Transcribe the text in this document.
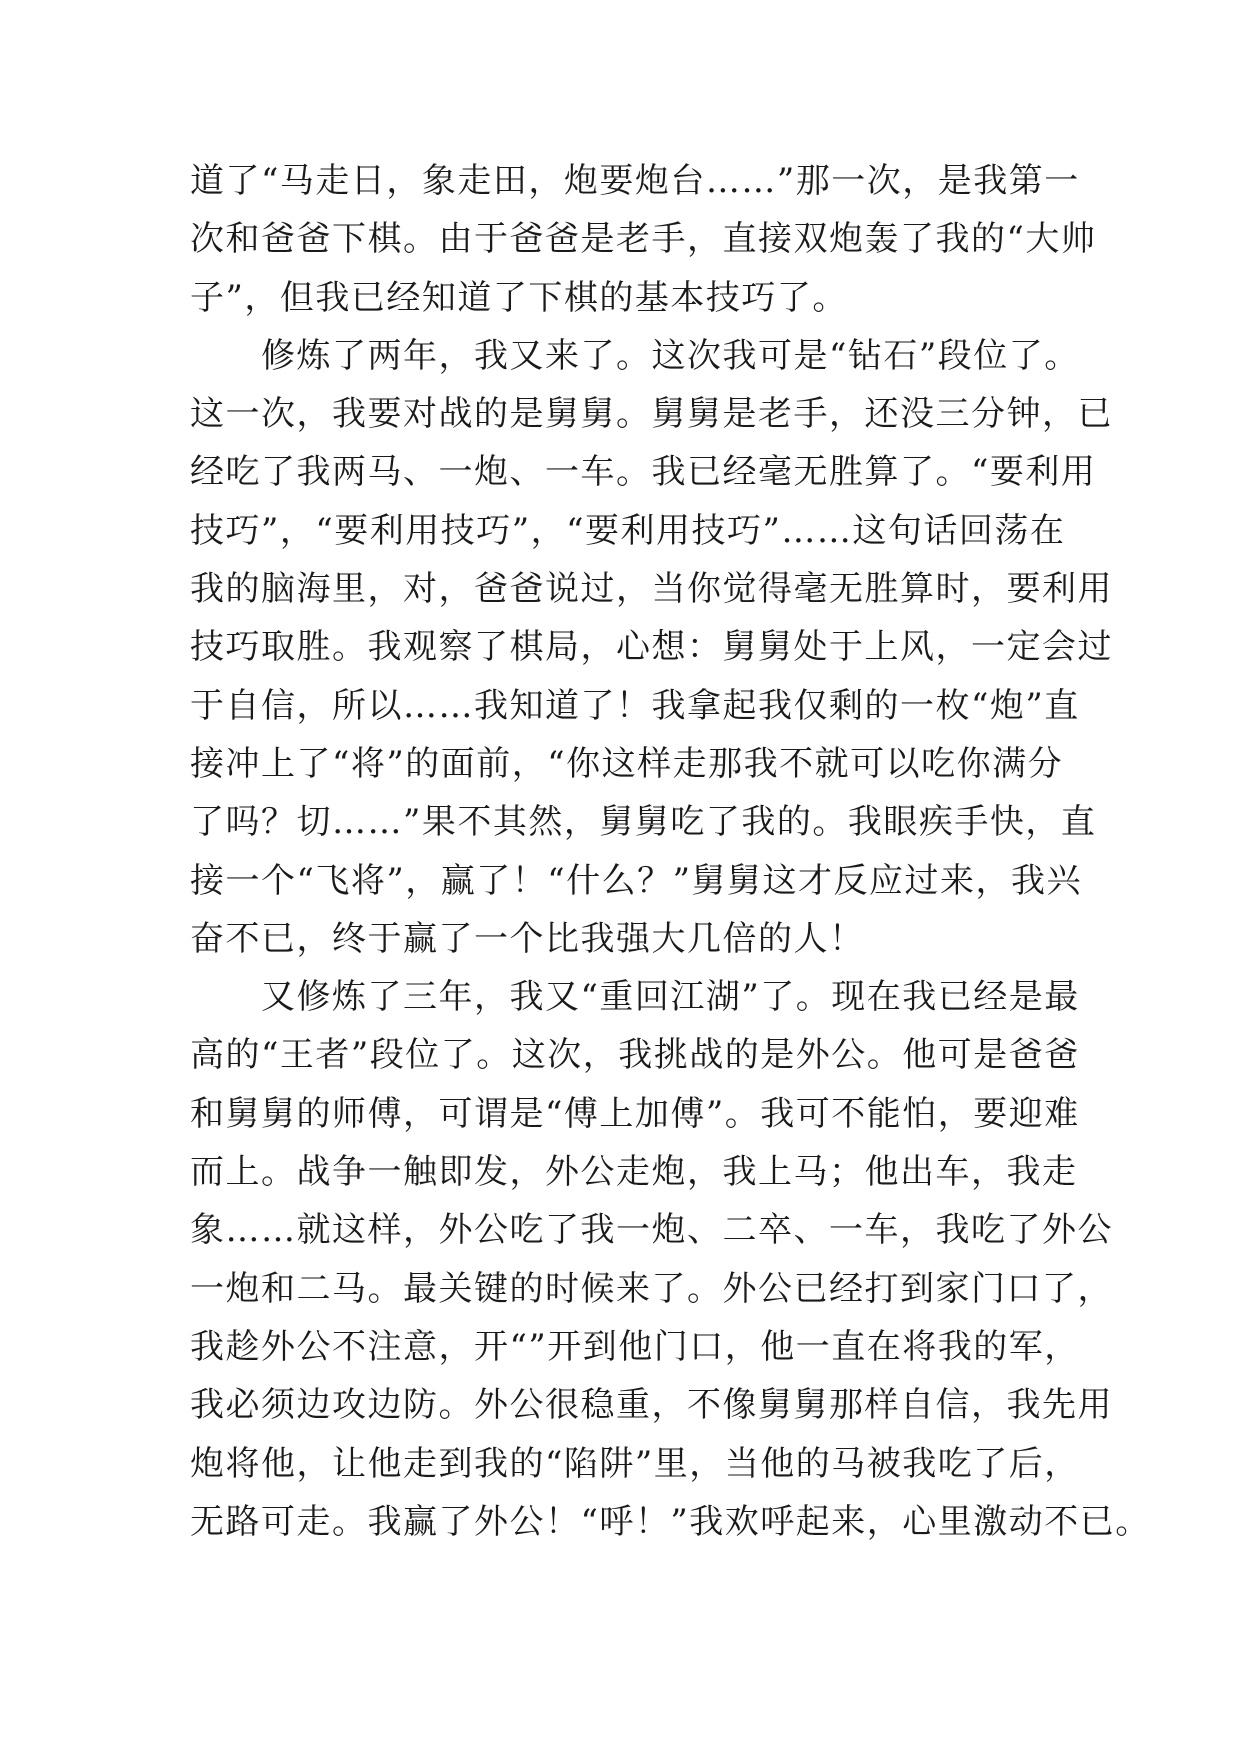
道了“马走日，象走田，炮要炮台……”那一次，是我第一
次和爸爸下棋。由于爸爸是老手，直接双炮轰了我的“大帅
子”，但我已经知道了下棋的基本技巧了。
　　修炼了两年，我又来了。这次我可是“钻石”段位了。
这一次，我要对战的是舅舅。舅舅是老手，还没三分钟，已
经吃了我两马、一炮、一车。我已经毫无胜算了。“要利用
技巧”，“要利用技巧”，“要利用技巧”……这句话回荡在
我的脑海里，对，爸爸说过，当你觉得毫无胜算时，要利用
技巧取胜。我观察了棋局，心想：舅舅处于上风，一定会过
于自信，所以……我知道了！我拿起我仅剩的一枚“炮”直
接冲上了“将”的面前，“你这样走那我不就可以吃你满分
了吗？切……”果不其然，舅舅吃了我的。我眼疾手快，直
接一个“飞将”，赢了！“什么？”舅舅这才反应过来，我兴
奋不已，终于赢了一个比我强大几倍的人！
　　又修炼了三年，我又“重回江湖”了。现在我已经是最
高的“王者”段位了。这次，我挑战的是外公。他可是爸爸
和舅舅的师傅，可谓是“傅上加傅”。我可不能怕，要迎难
而上。战争一触即发，外公走炮，我上马；他出车，我走
象……就这样，外公吃了我一炮、二卒、一车，我吃了外公
一炮和二马。最关键的时候来了。外公已经打到家门口了，
我趁外公不注意，开“”开到他门口，他一直在将我的军，
我必须边攻边防。外公很稳重，不像舅舅那样自信，我先用
炮将他，让他走到我的“陷阱”里，当他的马被我吃了后，
无路可走。我赢了外公！“呼！”我欢呼起来，心里激动不已。
